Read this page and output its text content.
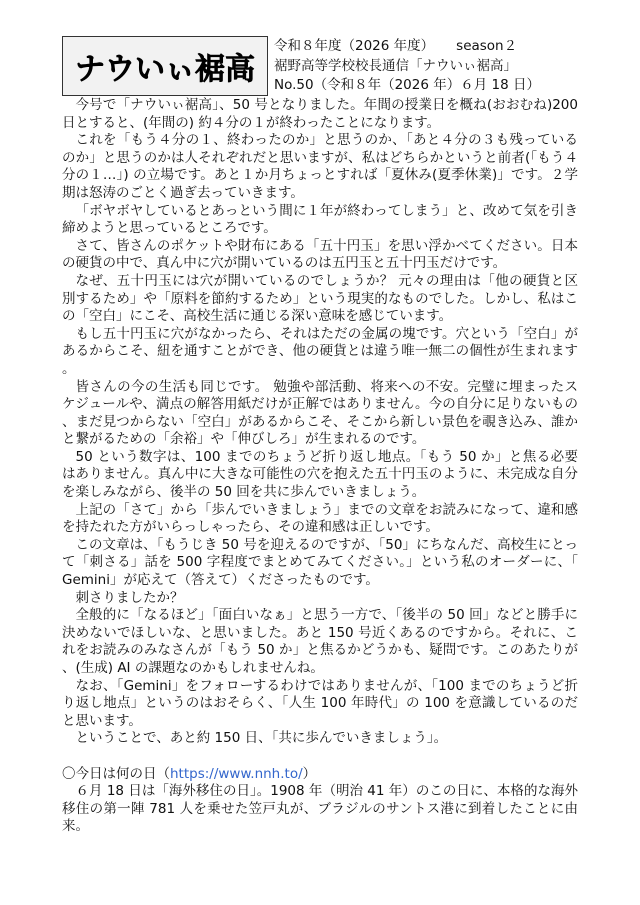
ナウいぃ裾高
令和８年度（2026 年度） season２
裾野高等学校校長通信「ナウいぃ裾高」
No.50（令和８年（2026 年）６月 18 日）

今号で「ナウいぃ裾高」、50 号となりました。年間の授業日を概ね(おおむね)200 日とすると、(年間の) 約４分の１が終わったことになります。

これを「もう４分の１、終わったのか」と思うのか、「あと４分の３も残っているのか」と思うのかは人それぞれだと思いますが、私はどちらかというと前者(「もう４分の１…」) の立場です。あと１か月ちょっとすれば「夏休み(夏季休業)」です。２学期は怒涛のごとく過ぎ去っていきます。

「ボヤボヤしているとあっという間に１年が終わってしまう」と、改めて気を引き締めようと思っているところです。

さて、皆さんのポケットや財布にある「五十円玉」を思い浮かべてください。日本の硬貨の中で、真ん中に穴が開いているのは五円玉と五十円玉だけです。

なぜ、五十円玉には穴が開いているのでしょうか？ 元々の理由は「他の硬貨と区別するため」や「原料を節約するため」という現実的なものでした。しかし、私はこの「空白」にこそ、高校生活に通じる深い意味を感じています。

もし五十円玉に穴がなかったら、それはただの金属の塊です。穴という「空白」があるからこそ、紐を通すことができ、他の硬貨とは違う唯一無二の個性が生まれます。

皆さんの今の生活も同じです。 勉強や部活動、将来への不安。完璧に埋まったスケジュールや、満点の解答用紙だけが正解ではありません。今の自分に足りないもの、まだ見つからない「空白」があるからこそ、そこから新しい景色を覗き込み、誰かと繋がるための「余裕」や「伸びしろ」が生まれるのです。

50 という数字は、100 までのちょうど折り返し地点。「もう 50 か」と焦る必要はありません。真ん中に大きな可能性の穴を抱えた五十円玉のように、未完成な自分を楽しみながら、後半の 50 回を共に歩んでいきましょう。

上記の「さて」から「歩んでいきましょう」までの文章をお読みになって、違和感を持たれた方がいらっしゃったら、その違和感は正しいです。

この文章は、「もうじき 50 号を迎えるのですが、「50」にちなんだ、高校生にとって「刺さる」話を 500 字程度でまとめてみてください。」という私のオーダーに、「Gemini」が応えて（答えて）くださったものです。

刺さりましたか？

全般的に「なるほど」「面白いなぁ」と思う一方で、「後半の 50 回」などと勝手に決めないでほしいな、と思いました。あと 150 号近くあるのですから。それに、これをお読みのみなさんが「もう 50 か」と焦るかどうかも、疑問です。このあたりが、(生成) AI の課題なのかもしれませんね。

なお、「Gemini」をフォローするわけではありませんが、「100 までのちょうど折り返し地点」というのはおそらく、「人生 100 年時代」の 100 を意識しているのだと思います。

ということで、あと約 150 日、「共に歩んでいきましょう」。

〇今日は何の日（https://www.nnh.to/）

６月 18 日は「海外移住の日」。1908 年（明治 41 年）のこの日に、本格的な海外移住の第一陣 781 人を乗せた笠戸丸が、ブラジルのサントス港に到着したことに由来。
